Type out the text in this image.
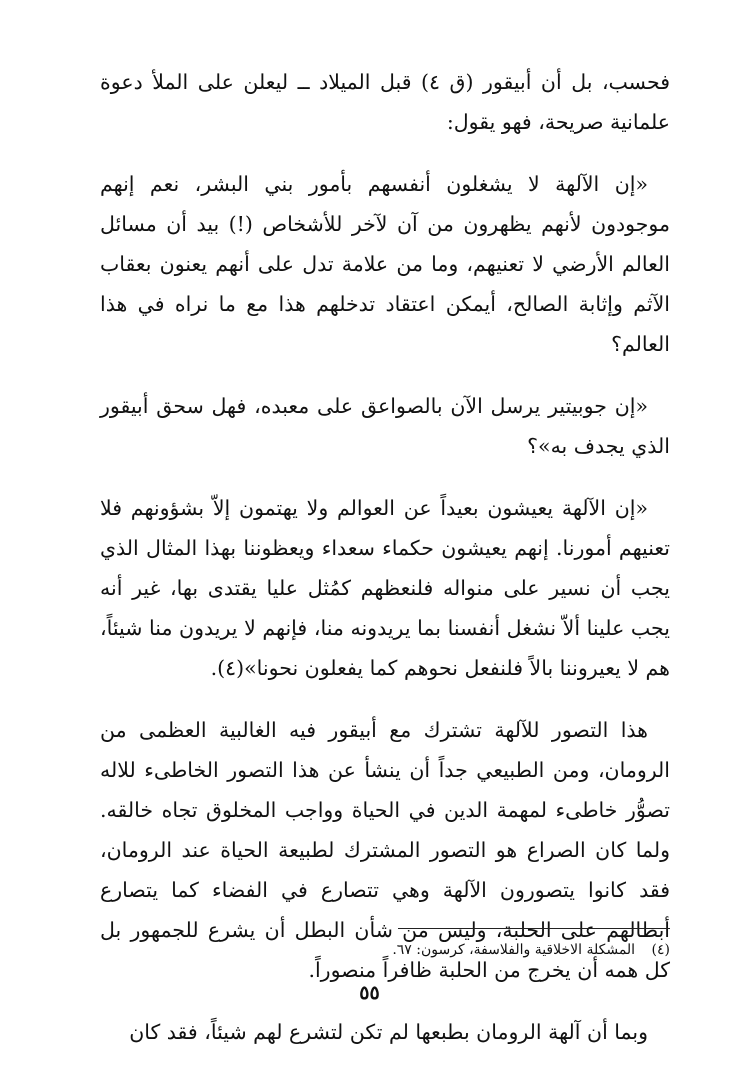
فحسب، بل أن أبيقور (ق ٤) قبل الميلاد ــ ليعلن على الملأ دعوة علمانية صريحة، فهو يقول:

«إن الآلهة لا يشغلون أنفسهم بأمور بني البشر، نعم إنهم موجودون لأنهم يظهرون من آن لآخر للأشخاص (!) بيد أن مسائل العالم الأرضي لا تعنيهم، وما من علامة تدل على أنهم يعنون بعقاب الآثم وإثابة الصالح، أيمكن اعتقاد تدخلهم هذا مع ما نراه في هذا العالم؟

«إن جوبيتير يرسل الآن بالصواعق على معبده، فهل سحق أبيقور الذي يجدف به»؟

«إن الآلهة يعيشون بعيداً عن العوالم ولا يهتمون إلاّ بشؤونهم فلا تعنيهم أمورنا. إنهم يعيشون حكماء سعداء ويعظوننا بهذا المثال الذي يجب أن نسير على منواله فلنعظهم كمُثل عليا يقتدى بها، غير أنه يجب علينا ألاّ نشغل أنفسنا بما يريدونه منا، فإنهم لا يريدون منا شيئاً، هم لا يعيروننا بالاً فلنفعل نحوهم كما يفعلون نحونا»(٤).

هذا التصور للآلهة تشترك مع أبيقور فيه الغالبية العظمى من الرومان، ومن الطبيعي جداً أن ينشأ عن هذا التصور الخاطىء للاله تصوُّر خاطىء لمهمة الدين في الحياة وواجب المخلوق تجاه خالقه. ولما كان الصراع هو التصور المشترك لطبيعة الحياة عند الرومان، فقد كانوا يتصورون الآلهة وهي تتصارع في الفضاء كما يتصارع أبطالهم على الحلبة، وليس من شأن البطل أن يشرع للجمهور بل كل همه أن يخرج من الحلبة ظافراً منصوراً.

وبما أن آلهة الرومان بطبعها لم تكن لتشرع لهم شيئاً، فقد كان

(٤) المشكلة الاخلاقية والفلاسفة، كرسون: ٦٧.
٥٥
